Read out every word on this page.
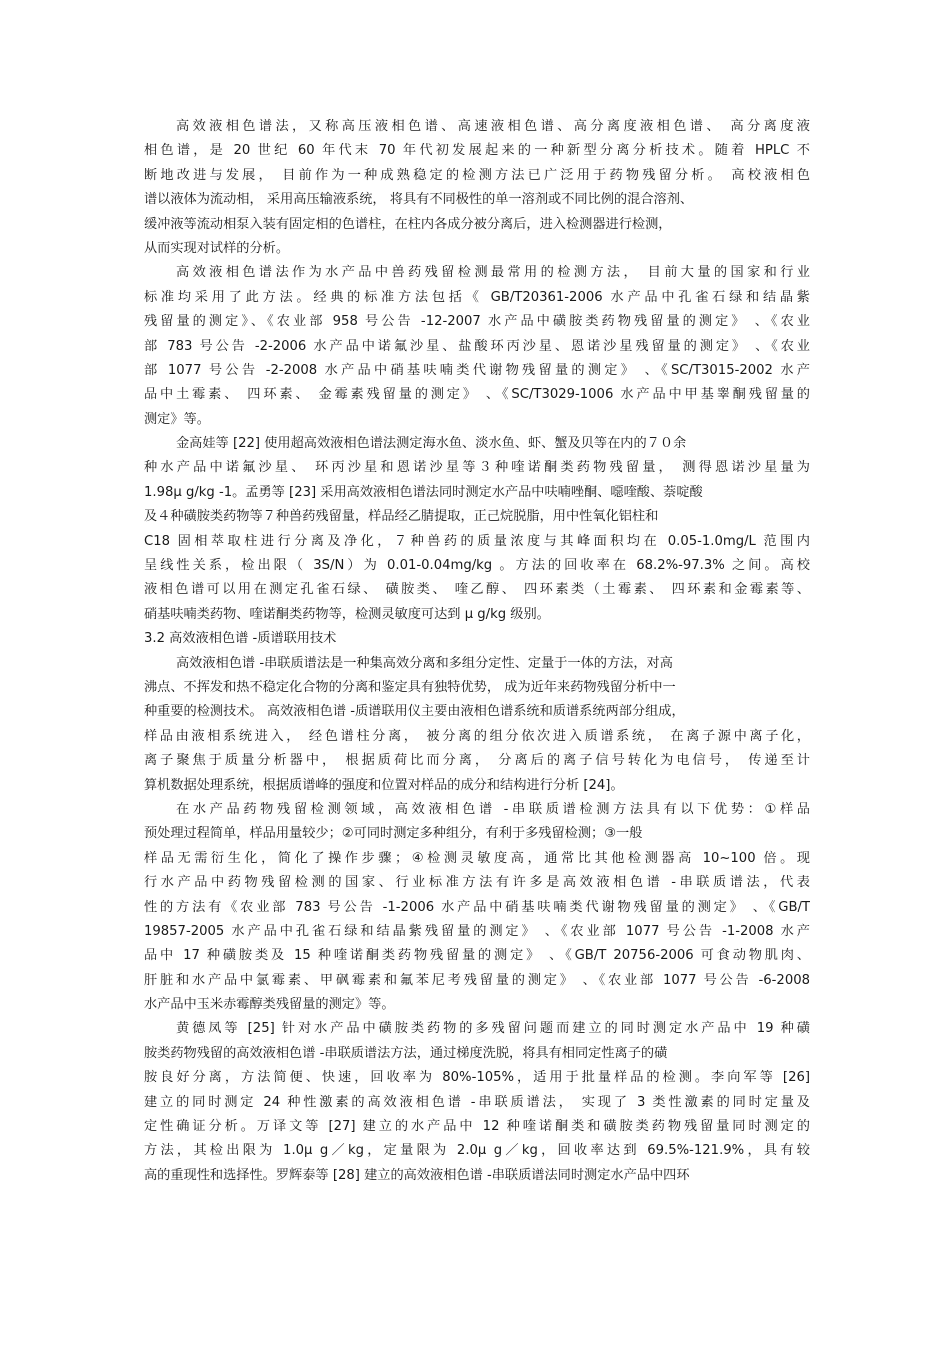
高效液相色谱法，又称高压液相色谱、高速液相色谱、高分离度液相色谱、 高分离度液
相色谱，是 20 世纪 60 年代末 70 年代初发展起来的一种新型分离分析技术。随着 HPLC 不
断地改进与发展， 目前作为一种成熟稳定的检测方法已广泛用于药物残留分析。 高校液相色
谱以液体为流动相， 采用高压输液系统， 将具有不同极性的单一溶剂或不同比例的混合溶剂、
缓冲液等流动相泵入装有固定相的色谱柱，在柱内各成分被分离后，进入检测器进行检测，
从而实现对试样的分析。
高效液相色谱法作为水产品中兽药残留检测最常用的检测方法， 目前大量的国家和行业
标准均采用了此方法。经典的标准方法包括《 GB/T20361-2006 水产品中孔雀石绿和结晶紫
残留量的测定》、《农业部 958 号公告 -12-2007 水产品中磺胺类药物残留量的测定》 、《农业
部 783 号公告 -2-2006 水产品中诺氟沙星、盐酸环丙沙星、恩诺沙星残留量的测定》 、《农业
部 1077 号公告 -2-2008 水产品中硝基呋喃类代谢物残留量的测定》 、《SC/T3015-2002 水产
品中土霉素、 四环素、 金霉素残留量的测定》 、《SC/T3029-1006 水产品中甲基睾酮残留量的
测定》等。
金高娃等 [22] 使用超高效液相色谱法测定海水鱼、淡水鱼、虾、蟹及贝等在内的７０余
种水产品中诺氟沙星、 环丙沙星和恩诺沙星等３种喹诺酮类药物残留量， 测得恩诺沙星量为
1.98μ g/kg -1。孟勇等 [23] 采用高效液相色谱法同时测定水产品中呋喃唑酮、噁喹酸、萘啶酸
及４种磺胺类药物等７种兽药残留量，样品经乙腈提取，正己烷脱脂，用中性氧化铝柱和
C18 固相萃取柱进行分离及净化，７种兽药的质量浓度与其峰面积均在 0.05-1.0mg/L 范围内
呈线性关系，检出限（ 3S/N）为 0.01-0.04mg/kg 。方法的回收率在 68.2%-97.3% 之间。高校
液相色谱可以用在测定孔雀石绿、 磺胺类、 喹乙醇、 四环素类（土霉素、 四环素和金霉素等、
硝基呋喃类药物、喹诺酮类药物等，检测灵敏度可达到 μ g/kg 级别。
3.2 高效液相色谱 -质谱联用技术
高效液相色谱 -串联质谱法是一种集高效分离和多组分定性、定量于一体的方法，对高
沸点、不挥发和热不稳定化合物的分离和鉴定具有独特优势， 成为近年来药物残留分析中一
种重要的检测技术。 高效液相色谱 -质谱联用仪主要由液相色谱系统和质谱系统两部分组成，
样品由液相系统进入， 经色谱柱分离， 被分离的组分依次进入质谱系统， 在离子源中离子化，
离子聚焦于质量分析器中， 根据质荷比而分离， 分离后的离子信号转化为电信号， 传递至计
算机数据处理系统，根据质谱峰的强度和位置对样品的成分和结构进行分析 [24]。
在水产品药物残留检测领域，高效液相色谱 -串联质谱检测方法具有以下优势：①样品
预处理过程简单，样品用量较少；②可同时测定多种组分，有利于多残留检测；③一般
样品无需衍生化，简化了操作步骤；④检测灵敏度高，通常比其他检测器高 10~100 倍。现
行水产品中药物残留检测的国家、行业标准方法有许多是高效液相色谱 -串联质谱法，代表
性的方法有《农业部 783 号公告 -1-2006 水产品中硝基呋喃类代谢物残留量的测定》 、《GB/T
19857-2005 水产品中孔雀石绿和结晶紫残留量的测定》 、《农业部 1077 号公告 -1-2008 水产
品中 17 种磺胺类及 15 种喹诺酮类药物残留量的测定》 、《GB/T 20756-2006 可食动物肌肉、
肝脏和水产品中氯霉素、甲砜霉素和氟苯尼考残留量的测定》 、《农业部 1077 号公告 -6-2008
水产品中玉米赤霉醇类残留量的测定》等。
黄德凤等 [25] 针对水产品中磺胺类药物的多残留问题而建立的同时测定水产品中 19 种磺
胺类药物残留的高效液相色谱 -串联质谱法方法，通过梯度洗脱，将具有相同定性离子的磺
胺良好分离，方法简便、快速，回收率为 80%-105%，适用于批量样品的检测。李向军等 [26]
建立的同时测定 24 种性激素的高效液相色谱 -串联质谱法， 实现了 3 类性激素的同时定量及
定性确证分析。万译文等 [27] 建立的水产品中 12 种喹诺酮类和磺胺类药物残留量同时测定的
方法，其检出限为 1.0μ g／kg，定量限为 2.0μ g／kg，回收率达到 69.5%-121.9%，具有较
高的重现性和选择性。罗辉泰等 [28] 建立的高效液相色谱 -串联质谱法同时测定水产品中四环
